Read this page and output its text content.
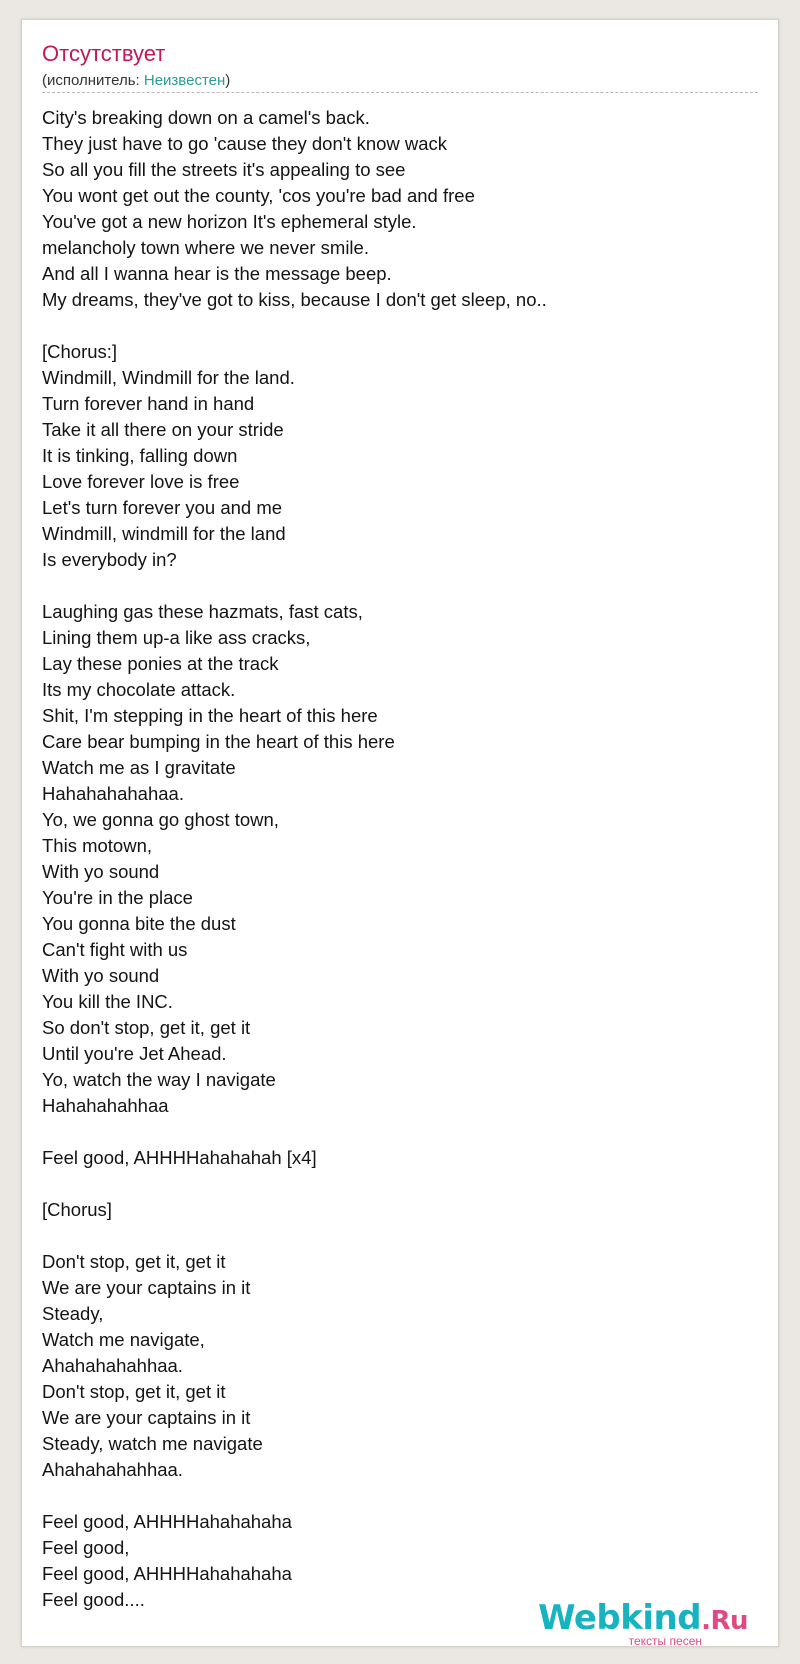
Отсутствует
(исполнитель: Неизвестен)
City's breaking down on a camel's back.
They just have to go 'cause they don't know wack
So all you fill the streets it's appealing to see
You wont get out the county, 'cos you're bad and free
You've got a new horizon It's ephemeral style.
melancholy town where we never smile.
And all I wanna hear is the message beep.
My dreams, they've got to kiss, because I don't get sleep, no..
[Chorus:]
Windmill, Windmill for the land.
Turn forever hand in hand
Take it all there on your stride
It is tinking, falling down
Love forever love is free
Let's turn forever you and me
Windmill, windmill for the land
Is everybody in?
Laughing gas these hazmats, fast cats,
Lining them up-a like ass cracks,
Lay these ponies at the track
Its my chocolate attack.
Shit, I'm stepping in the heart of this here
Care bear bumping in the heart of this here
Watch me as I gravitate
Hahahahahahaa.
Yo, we gonna go ghost town,
This motown,
With yo sound
You're in the place
You gonna bite the dust
Can't fight with us
With yo sound
You kill the INC.
So don't stop, get it, get it
Until you're Jet Ahead.
Yo, watch the way I navigate
Hahahahahhaa
Feel good, AHHHHahahahah [x4]
[Chorus]
Don't stop, get it, get it
We are your captains in it
Steady,
Watch me navigate,
Ahahahahahhaa.
Don't stop, get it, get it
We are your captains in it
Steady, watch me navigate
Ahahahahahhaa.
Feel good, AHHHHahahahaha
Feel good,
Feel good, AHHHHahahahaha
Feel good....	Webkind.Ru
тексты песен
